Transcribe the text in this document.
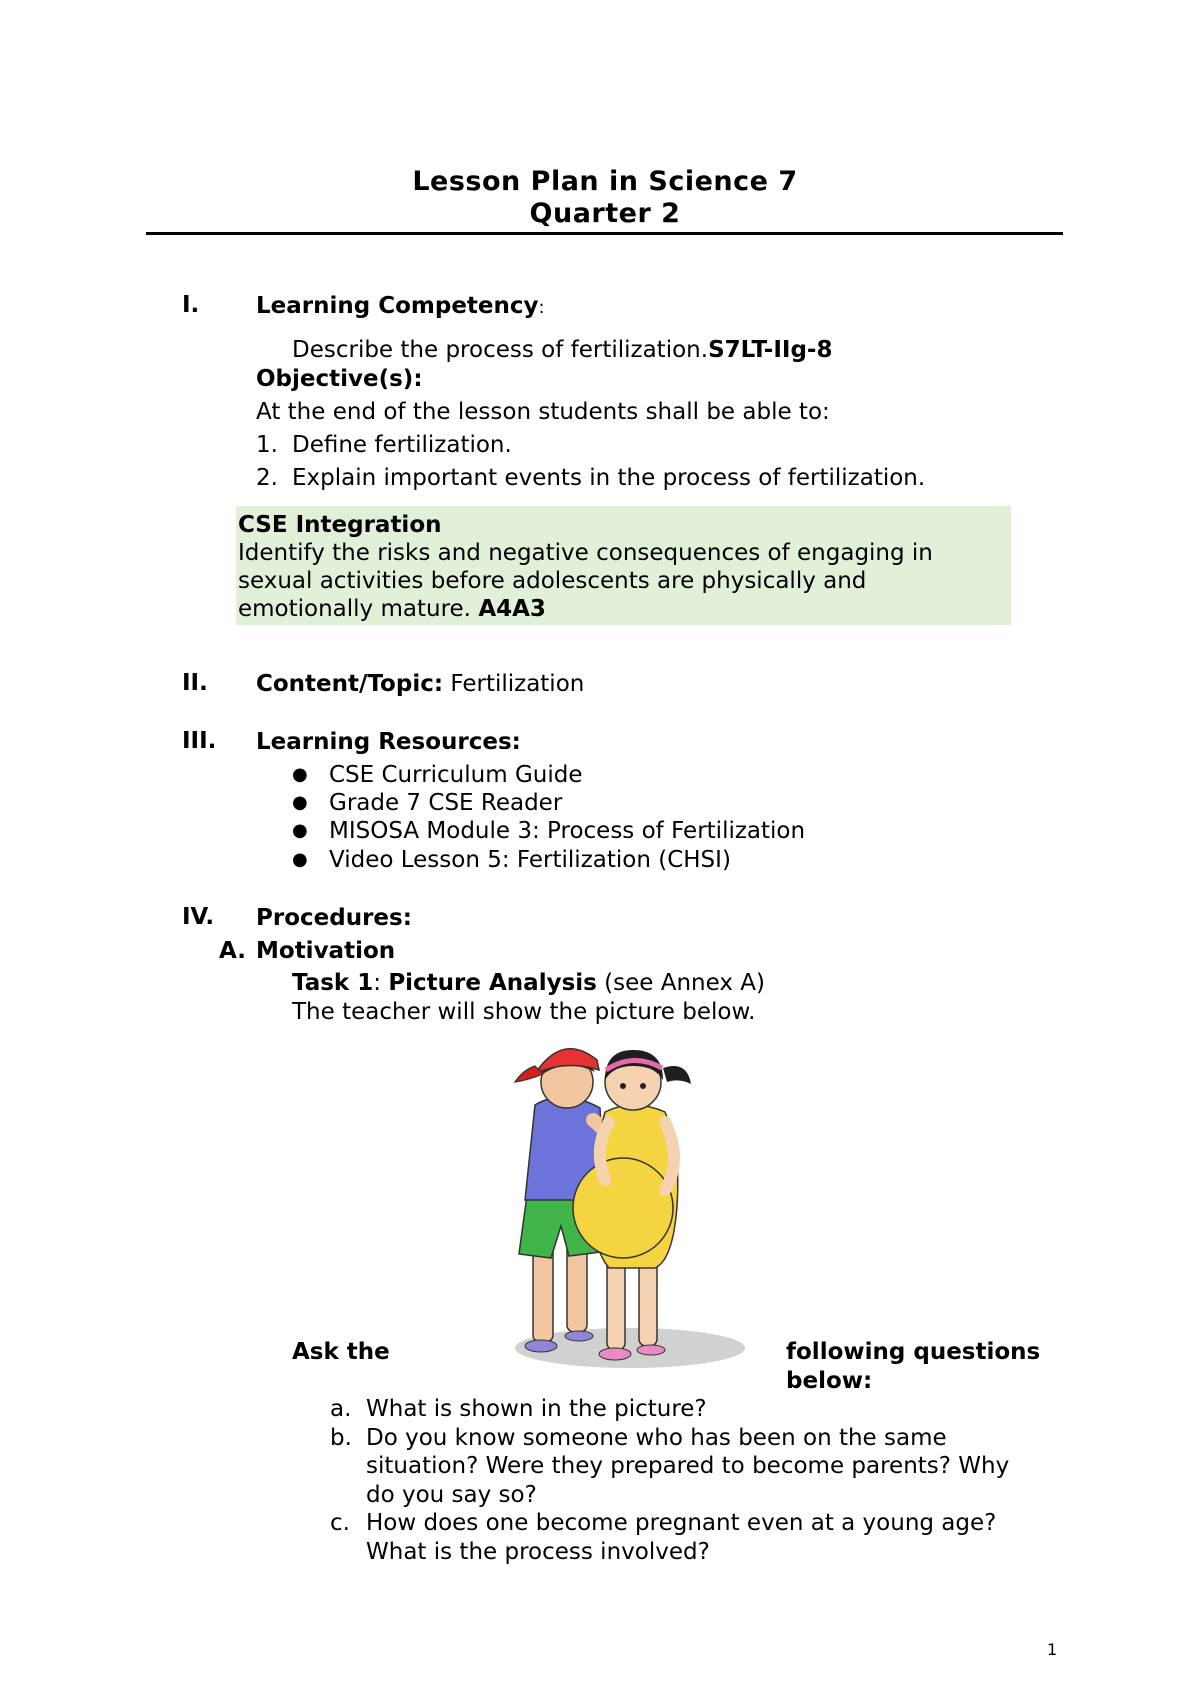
Lesson Plan in Science 7
Quarter 2
I. Learning Competency:
Describe the process of fertilization.S7LT-IIg-8
Objective(s):
At the end of the lesson students shall be able to:
1. Define fertilization.
2. Explain important events in the process of fertilization.
CSE Integration
Identify the risks and negative consequences of engaging in
sexual activities before adolescents are physically and
emotionally mature. A4A3
II. Content/Topic: Fertilization
III. Learning Resources:
● CSE Curriculum Guide
● Grade 7 CSE Reader
● MISOSA Module 3: Process of Fertilization
● Video Lesson 5: Fertilization (CHSI)
IV. Procedures:
A. Motivation
Task 1: Picture Analysis (see Annex A)
The teacher will show the picture below.
Ask the	following questions
below:
a. What is shown in the picture?
b. Do you know someone who has been on the same
situation? Were they prepared to become parents? Why
do you say so?
c. How does one become pregnant even at a young age?
What is the process involved?
1
